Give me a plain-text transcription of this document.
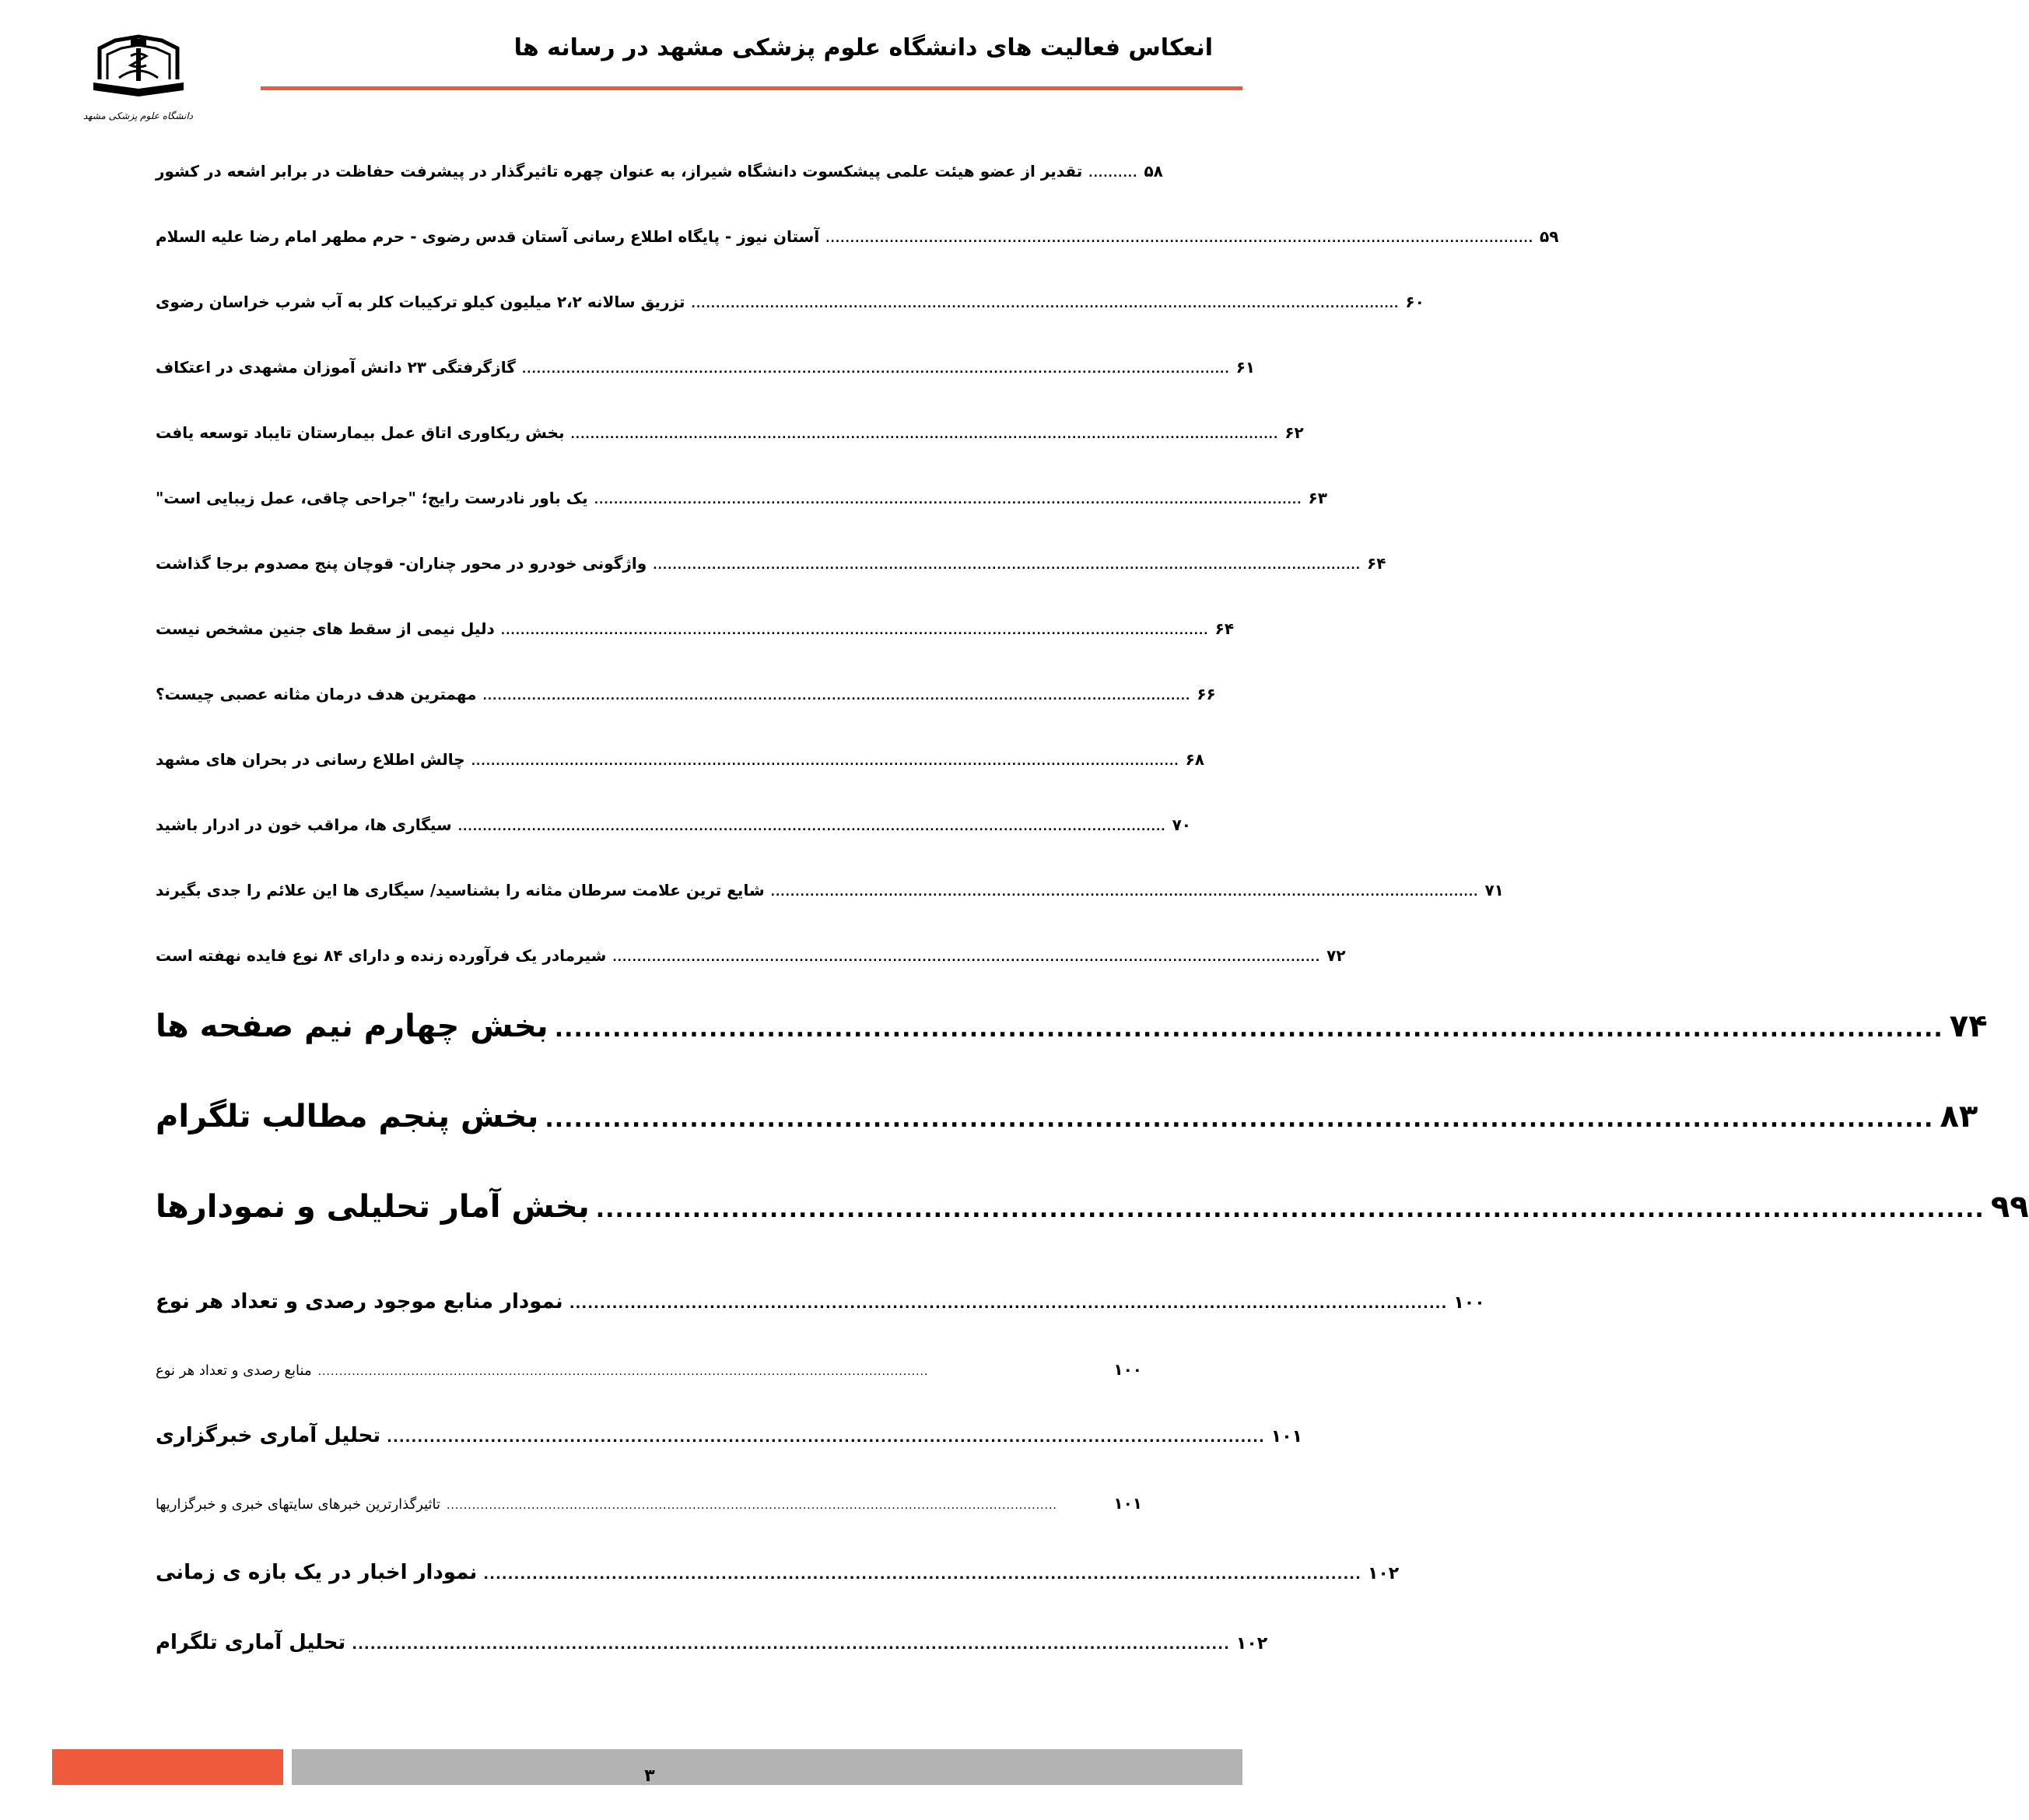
انعکاس فعالیت های دانشگاه علوم پزشکی مشهد در رسانه ها
دانشگاه علوم پزشکی مشهد
تقدیر از عضو هیئت علمی پیشکسوت دانشگاه شیراز، به عنوان چهره تاثیرگذار در پیشرفت حفاظت در برابر اشعه در کشور .......... ۵۸
آستان نیوز - پایگاه اطلاع رسانی آستان قدس رضوی - حرم مطهر امام رضا علیه السلام ................................................................................................................................................ ۵۹
تزریق سالانه ۲،۲ میلیون کیلو ترکیبات کلر به آب شرب خراسان رضوی ................................................................................................................................................ ۶۰
گازگرفتگی ۲۳ دانش آموزان مشهدی در اعتکاف ................................................................................................................................................ ۶۱
بخش ریکاوری اتاق عمل بیمارستان تایباد توسعه یافت ................................................................................................................................................ ۶۲
یک باور نادرست رایج؛ "جراحی چاقی، عمل زیبایی است" ................................................................................................................................................ ۶۳
واژگونی خودرو در محور چناران- قوچان پنج مصدوم برجا گذاشت ................................................................................................................................................ ۶۴
دلیل نیمی از سقط های جنین مشخص نیست ................................................................................................................................................ ۶۴
مهمترین هدف درمان مثانه عصبی چیست؟ ................................................................................................................................................ ۶۶
چالش اطلاع رسانی در بحران های مشهد ................................................................................................................................................ ۶۸
سیگاری ها، مراقب خون در ادرار باشید ................................................................................................................................................ ۷۰
شایع ترین علامت سرطان مثانه را بشناسید/ سیگاری ها این علائم را جدی بگیرند ................................................................................................................................................ ۷۱
شیرمادر یک فرآورده زنده و دارای ۸۴ نوع فایده نهفته است ................................................................................................................................................ ۷۲
بخش چهارم نیم صفحه ها ................................................................................................................................................ ۷۴
بخش پنجم مطالب تلگرام ................................................................................................................................................ ۸۳
بخش آمار تحلیلی و نمودارها ................................................................................................................................................ ۹۹
نمودار منابع موجود رصدی و تعداد هر نوع ................................................................................................................................................ ۱۰۰
منابع رصدی و تعداد هر نوع ................................................................................................................................................	۱۰۰
تحلیل آماری خبرگزاری ................................................................................................................................................ ۱۰۱
تاثیرگذارترین خبرهای سایتهای خبری و خبرگزاریها ................................................................................................................................................	۱۰۱
نمودار اخبار در یک بازه ی زمانی ................................................................................................................................................ ۱۰۲
تحلیل آماری تلگرام ................................................................................................................................................ ۱۰۲
۳
